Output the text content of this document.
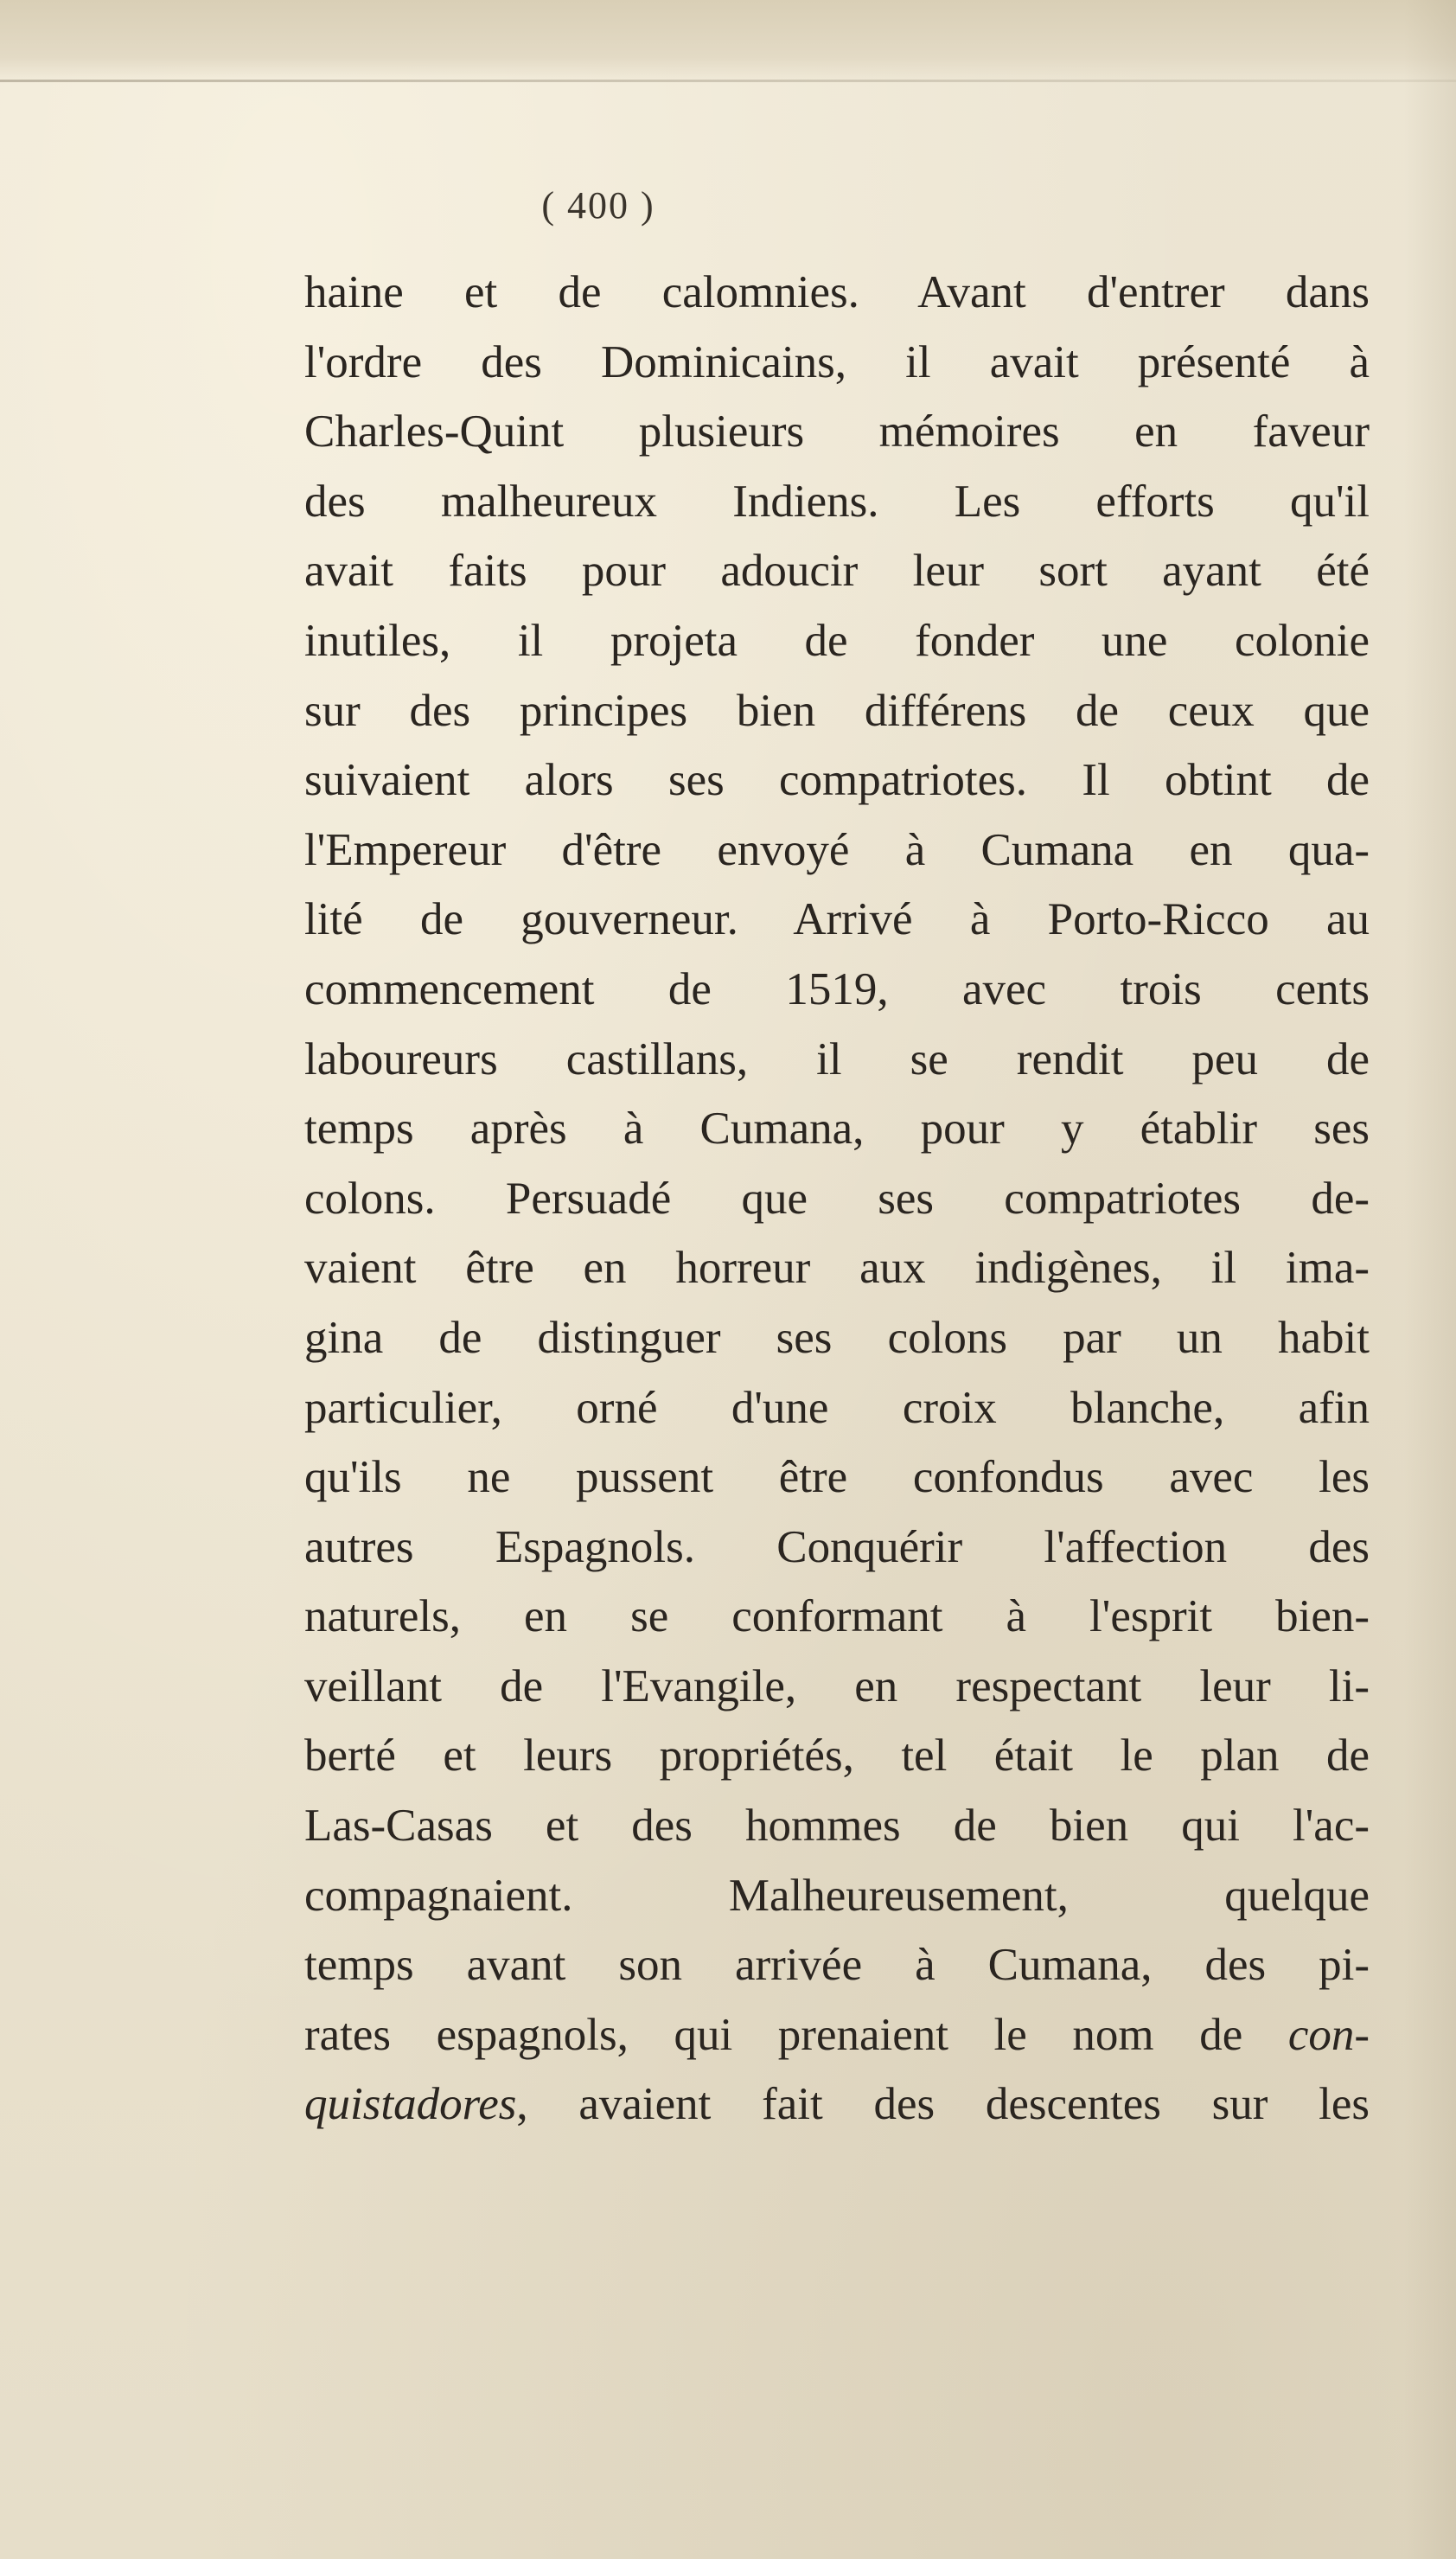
( 400 )
haine et de calomnies. Avant d'entrer dans
l'ordre des Dominicains, il avait présenté à
Charles-Quint plusieurs mémoires en faveur
des malheureux Indiens. Les efforts qu'il
avait faits pour adoucir leur sort ayant été
inutiles, il projeta de fonder une colonie
sur des principes bien différens de ceux que
suivaient alors ses compatriotes. Il obtint de
l'Empereur d'être envoyé à Cumana en qua-
lité de gouverneur. Arrivé à Porto-Ricco au
commencement de 1519, avec trois cents
laboureurs castillans, il se rendit peu de
temps après à Cumana, pour y établir ses
colons. Persuadé que ses compatriotes de-
vaient être en horreur aux indigènes, il ima-
gina de distinguer ses colons par un habit
particulier, orné d'une croix blanche, afin
qu'ils ne pussent être confondus avec les
autres Espagnols. Conquérir l'affection des
naturels, en se conformant à l'esprit bien-
veillant de l'Evangile, en respectant leur li-
berté et leurs propriétés, tel était le plan de
Las-Casas et des hommes de bien qui l'ac-
compagnaient. Malheureusement, quelque
temps avant son arrivée à Cumana, des pi-
rates espagnols, qui prenaient le nom de con-
quistadores, avaient fait des descentes sur les
